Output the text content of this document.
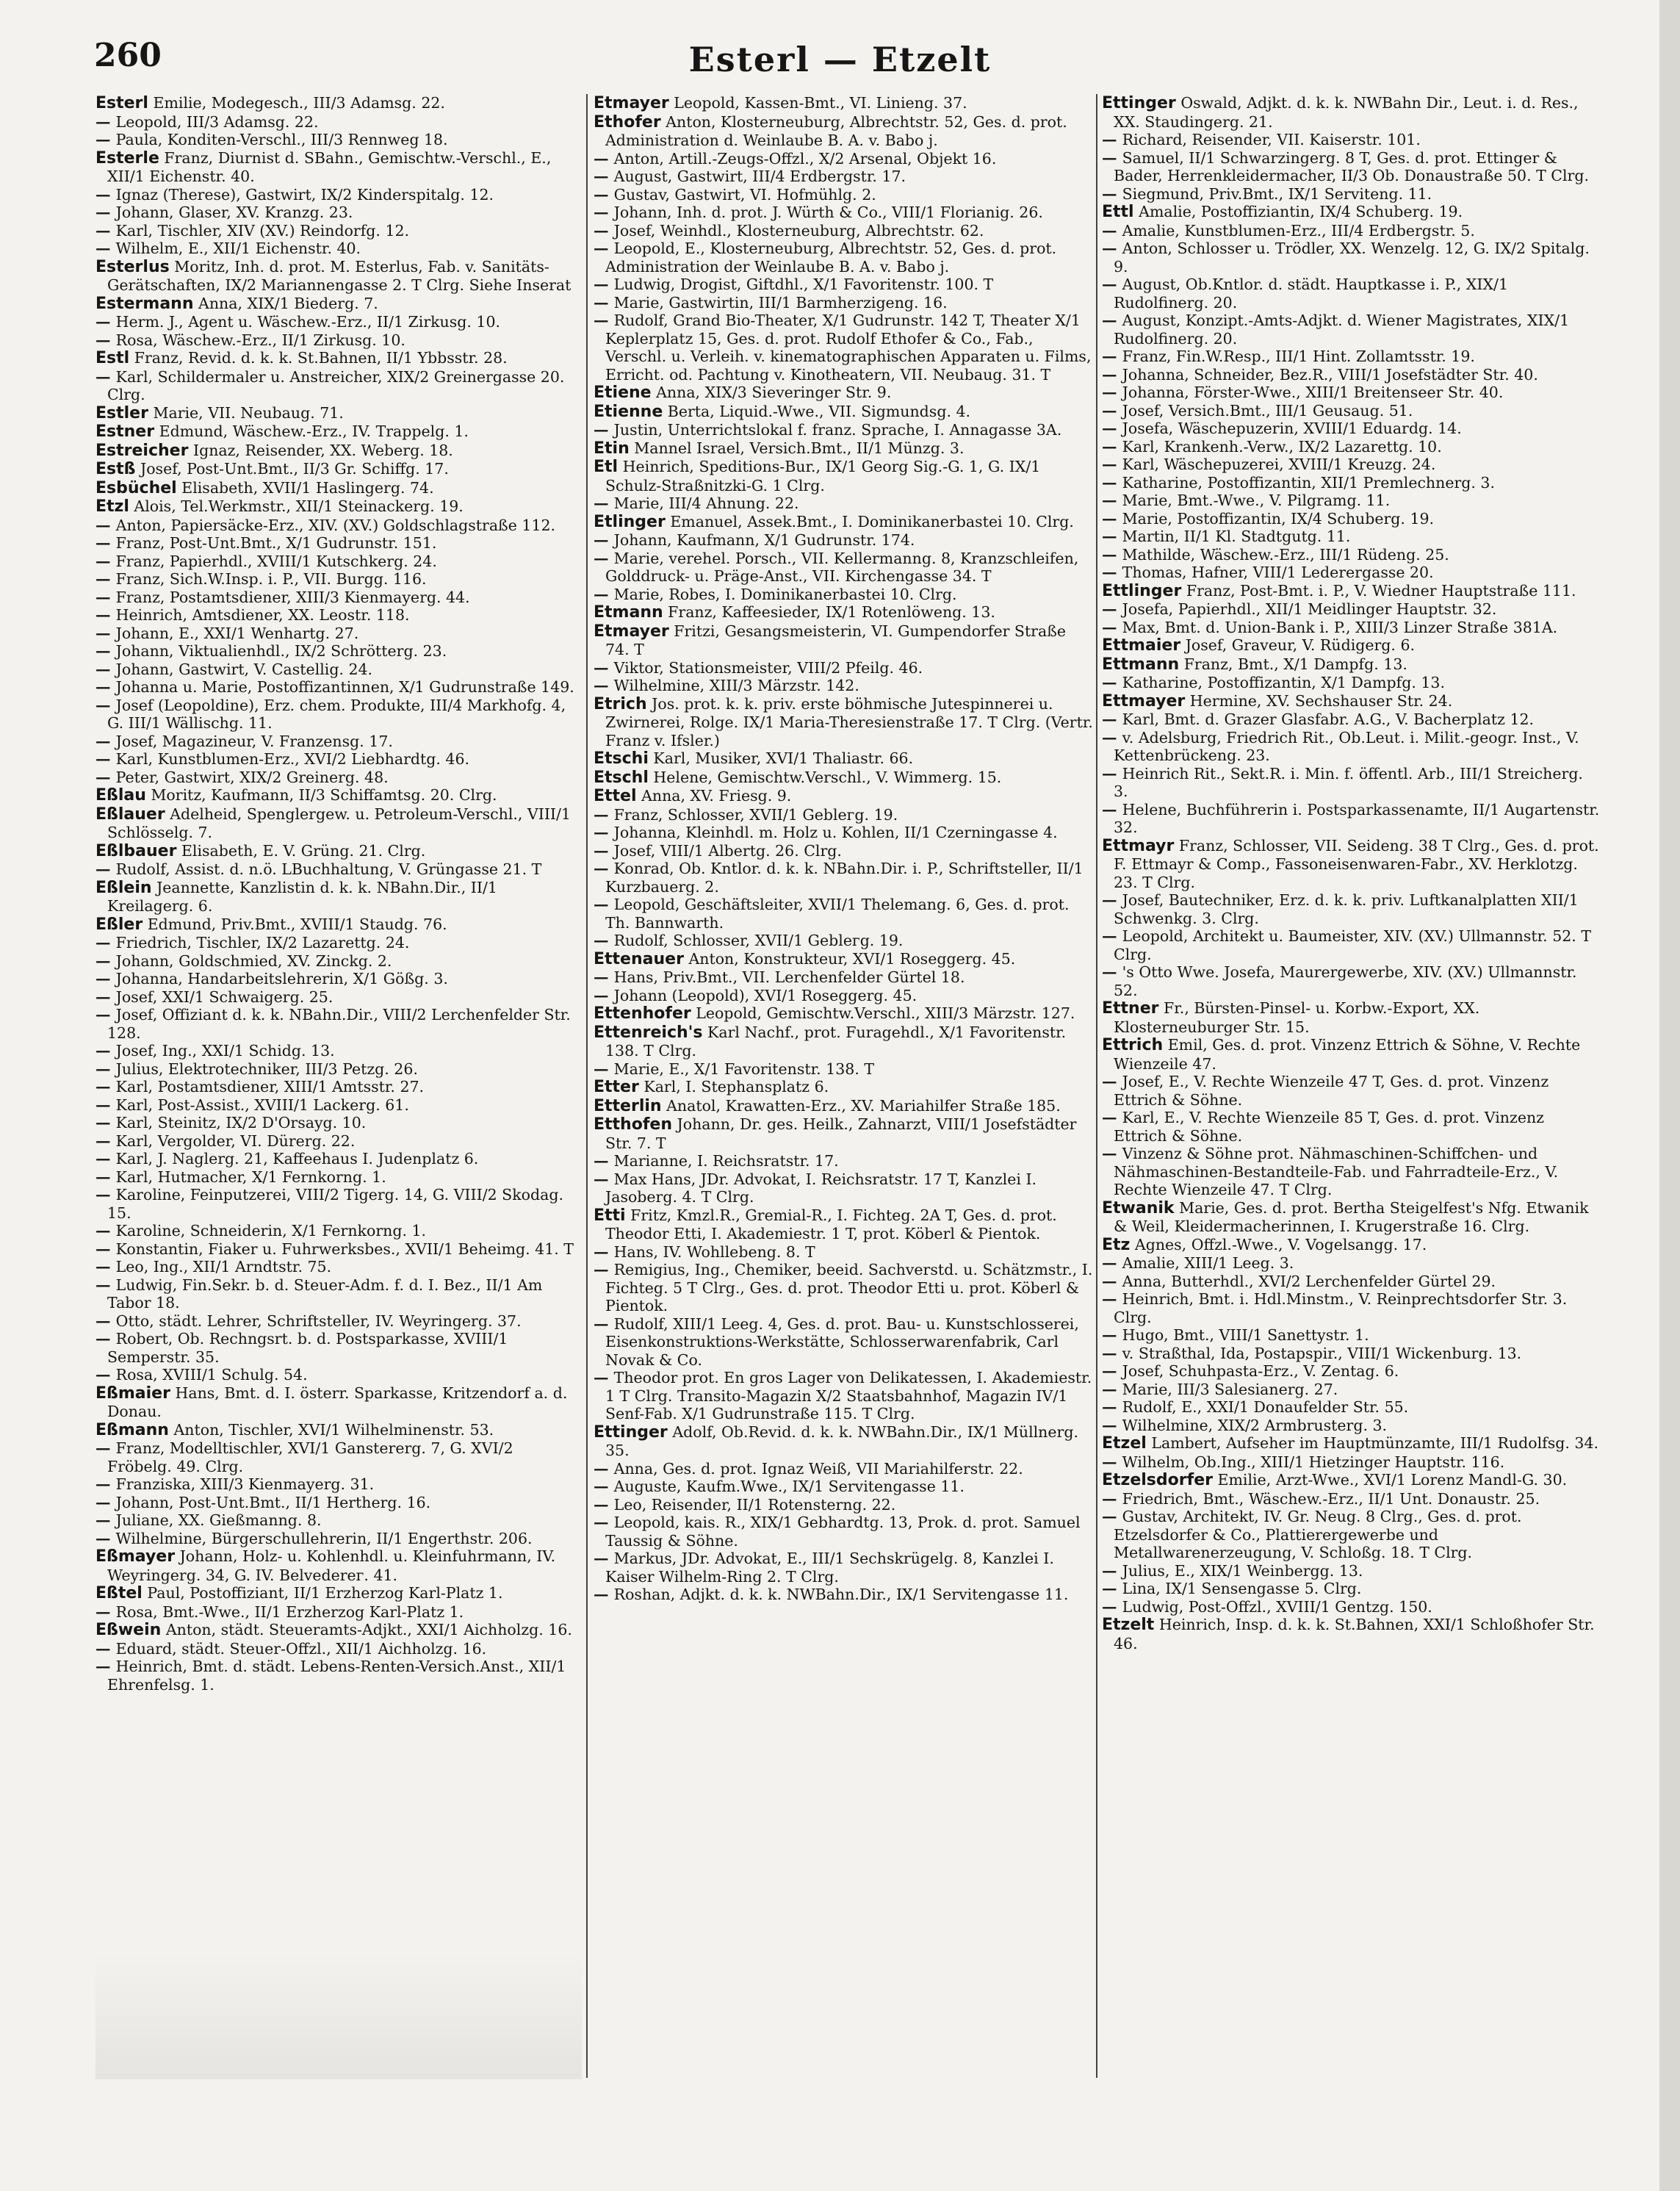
260	Esterl — Etzelt
Esterl Emilie, Modegesch., III/3 Adamsg. 22.
— Leopold, III/3 Adamsg. 22.
— Paula, Konditen-Verschl., III/3 Rennweg 18.
Esterle Franz, Diurnist d. SBahn., Gemischtw.-Verschl., E., XII/1 Eichenstr. 40.
— Ignaz (Therese), Gastwirt, IX/2 Kinderspitalg. 12.
— Johann, Glaser, XV. Kranzg. 23.
— Karl, Tischler, XIV (XV.) Reindorfg. 12.
— Wilhelm, E., XII/1 Eichenstr. 40.
Esterlus Moritz, Inh. d. prot. M. Esterlus, Fab. v. Sanitäts-Gerätschaften, IX/2 Mariannengasse 2. T Clrg. Siehe Inserat
Estermann Anna, XIX/1 Biederg. 7.
— Herm. J., Agent u. Wäschew.-Erz., II/1 Zirkusg. 10.
— Rosa, Wäschew.-Erz., II/1 Zirkusg. 10.
Estl Franz, Revid. d. k. k. St.Bahnen, II/1 Ybbsstr. 28.
— Karl, Schildermaler u. Anstreicher, XIX/2 Greinergasse 20. Clrg.
Estler Marie, VII. Neubaug. 71.
Estner Edmund, Wäschew.-Erz., IV. Trappelg. 1.
Estreicher Ignaz, Reisender, XX. Weberg. 18.
Estß Josef, Post-Unt.Bmt., II/3 Gr. Schiffg. 17.
Esbüchel Elisabeth, XVII/1 Haslingerg. 74.
Etzl Alois, Tel.Werkmstr., XII/1 Steinackerg. 19.
— Anton, Papiersäcke-Erz., XIV. (XV.) Goldschlagstraße 112.
— Franz, Post-Unt.Bmt., X/1 Gudrunstr. 151.
— Franz, Papierhdl., XVIII/1 Kutschkerg. 24.
— Franz, Sich.W.Insp. i. P., VII. Burgg. 116.
— Franz, Postamtsdiener, XIII/3 Kienmayerg. 44.
— Heinrich, Amtsdiener, XX. Leostr. 118.
— Johann, E., XXI/1 Wenhartg. 27.
— Johann, Viktualienhdl., IX/2 Schrötterg. 23.
— Johann, Gastwirt, V. Castellig. 24.
— Johanna u. Marie, Postoffizantinnen, X/1 Gudrunstraße 149.
— Josef (Leopoldine), Erz. chem. Produkte, III/4 Markhofg. 4, G. III/1 Wällischg. 11.
— Josef, Magazineur, V. Franzensg. 17.
— Karl, Kunstblumen-Erz., XVI/2 Liebhardtg. 46.
— Peter, Gastwirt, XIX/2 Greinerg. 48.
Eßlau Moritz, Kaufmann, II/3 Schiffamtsg. 20. Clrg.
Eßlauer Adelheid, Spenglergew. u. Petroleum-Verschl., VIII/1 Schlösselg. 7.
Eßlbauer Elisabeth, E. V. Grüng. 21. Clrg.
— Rudolf, Assist. d. n.ö. LBuchhaltung, V. Grüngasse 21. T
Eßlein Jeannette, Kanzlistin d. k. k. NBahn.Dir., II/1 Kreilagerg. 6.
Eßler Edmund, Priv.Bmt., XVIII/1 Staudg. 76.
— Friedrich, Tischler, IX/2 Lazarettg. 24.
— Johann, Goldschmied, XV. Zinckg. 2.
— Johanna, Handarbeitslehrerin, X/1 Gößg. 3.
— Josef, XXI/1 Schwaigerg. 25.
— Josef, Offiziant d. k. k. NBahn.Dir., VIII/2 Lerchenfelder Str. 128.
— Josef, Ing., XXI/1 Schidg. 13.
— Julius, Elektrotechniker, III/3 Petzg. 26.
— Karl, Postamtsdiener, XIII/1 Amtsstr. 27.
— Karl, Post-Assist., XVIII/1 Lackerg. 61.
— Karl, Steinitz, IX/2 D'Orsayg. 10.
— Karl, Vergolder, VI. Dürerg. 22.
— Karl, J. Naglerg. 21, Kaffeehaus I. Judenplatz 6.
— Karl, Hutmacher, X/1 Fernkorng. 1.
— Karoline, Feinputzerei, VIII/2 Tigerg. 14, G. VIII/2 Skodag. 15.
— Karoline, Schneiderin, X/1 Fernkorng. 1.
— Konstantin, Fiaker u. Fuhrwerksbes., XVII/1 Beheimg. 41. T
— Leo, Ing., XII/1 Arndtstr. 75.
— Ludwig, Fin.Sekr. b. d. Steuer-Adm. f. d. I. Bez., II/1 Am Tabor 18.
— Otto, städt. Lehrer, Schriftsteller, IV. Weyringerg. 37.
— Robert, Ob. Rechngsrt. b. d. Postsparkasse, XVIII/1 Semperstr. 35.
— Rosa, XVIII/1 Schulg. 54.
Eßmaier Hans, Bmt. d. I. österr. Sparkasse, Kritzendorf a. d. Donau.
Eßmann Anton, Tischler, XVI/1 Wilhelminenstr. 53.
— Franz, Modelltischler, XVI/1 Ganstererg. 7, G. XVI/2 Fröbelg. 49. Clrg.
— Franziska, XIII/3 Kienmayerg. 31.
— Johann, Post-Unt.Bmt., II/1 Hertherg. 16.
— Juliane, XX. Gießmanng. 8.
— Wilhelmine, Bürgerschullehrerin, II/1 Engerthstr. 206.
Eßmayer Johann, Holz- u. Kohlenhdl. u. Kleinfuhrmann, IV. Weyringerg. 34, G. IV. Belvederег. 41.
Eßtel Paul, Postoffiziant, II/1 Erzherzog Karl-Platz 1.
— Rosa, Bmt.-Wwe., II/1 Erzherzog Karl-Platz 1.
Eßwein Anton, städt. Steueramts-Adjkt., XXI/1 Aichholzg. 16.
— Eduard, städt. Steuer-Offzl., XII/1 Aichholzg. 16.
— Heinrich, Bmt. d. städt. Lebens-Renten-Versich.Anst., XII/1 Ehrenfelsg. 1.
Etmayer Leopold, Kassen-Bmt., VI. Linieng. 37.
Ethofer Anton, Klosterneuburg, Albrechtstr. 52, Ges. d. prot. Administration d. Weinlaube B. A. v. Babo j.
— Anton, Artill.-Zeugs-Offzl., X/2 Arsenal, Objekt 16.
— August, Gastwirt, III/4 Erdbergstr. 17.
— Gustav, Gastwirt, VI. Hofmühlg. 2.
— Johann, Inh. d. prot. J. Würth & Co., VIII/1 Florianig. 26.
— Josef, Weinhdl., Klosterneuburg, Albrechtstr. 62.
— Leopold, E., Klosterneuburg, Albrechtstr. 52, Ges. d. prot. Administration der Weinlaube B. A. v. Babo j.
— Ludwig, Drogist, Giftdhl., X/1 Favoritenstr. 100. T
— Marie, Gastwirtin, III/1 Barmherzigeng. 16.
— Rudolf, Grand Bio-Theater, X/1 Gudrunstr. 142 T, Theater X/1 Keplerplatz 15, Ges. d. prot. Rudolf Ethofer & Co., Fab., Verschl. u. Verleih. v. kinematographischen Apparaten u. Films, Erricht. od. Pachtung v. Kinotheatern, VII. Neubaug. 31. T
Etiene Anna, XIX/3 Sieveringer Str. 9.
Etienne Berta, Liquid.-Wwe., VII. Sigmundsg. 4.
— Justin, Unterrichtslokal f. franz. Sprache, I. Annagasse 3A.
Etin Mannel Israel, Versich.Bmt., II/1 Münzg. 3.
Etl Heinrich, Speditions-Bur., IX/1 Georg Sig.-G. 1, G. IX/1 Schulz-Straßnitzki-G. 1 Clrg.
— Marie, III/4 Ahnung. 22.
Etlinger Emanuel, Assek.Bmt., I. Dominikanerbastei 10. Clrg.
— Johann, Kaufmann, X/1 Gudrunstr. 174.
— Marie, verehel. Porsch., VII. Kellermanng. 8, Kranzschleifen, Golddruck- u. Präge-Anst., VII. Kirchengasse 34. T
— Marie, Robes, I. Dominikanerbastei 10. Clrg.
Etmann Franz, Kaffeesieder, IX/1 Rotenlöweng. 13.
Etmayer Fritzi, Gesangsmeisterin, VI. Gumpendorfer Straße 74. T
— Viktor, Stationsmeister, VIII/2 Pfeilg. 46.
— Wilhelmine, XIII/3 Märzstr. 142.
Etrich Jos. prot. k. k. priv. erste böhmische Jutespinnerei u. Zwirnerei, Rolge. IX/1 Maria-Theresienstraße 17. T Clrg. (Vertr. Franz v. Ifsler.)
Etschi Karl, Musiker, XVI/1 Thaliastr. 66.
Etschl Helene, Gemischtw.Verschl., V. Wimmerg. 15.
Ettel Anna, XV. Friesg. 9.
— Franz, Schlosser, XVII/1 Gebleгg. 19.
— Johanna, Kleinhdl. m. Holz u. Kohlen, II/1 Czerningasse 4.
— Josef, VIII/1 Albertg. 26. Clrg.
— Konrad, Ob. Kntlor. d. k. k. NBahn.Dir. i. P., Schriftsteller, II/1 Kurzbauerg. 2.
— Leopold, Geschäftsleiter, XVII/1 Thelemang. 6, Ges. d. prot. Th. Bannwarth.
— Rudolf, Schlosser, XVII/1 Gebleгg. 19.
Ettenauer Anton, Konstrukteur, XVI/1 Roseggerg. 45.
— Hans, Priv.Bmt., VII. Lerchenfelder Gürtel 18.
— Johann (Leopold), XVI/1 Roseggerg. 45.
Ettenhofer Leopold, Gemischtw.Verschl., XIII/3 Märzstr. 127.
Ettenreich's Karl Nachf., prot. Furagehdl., X/1 Favoritenstr. 138. T Clrg.
— Marie, E., X/1 Favoritenstr. 138. T
Etter Karl, I. Stephansplatz 6.
Etterlin Anatol, Krawatten-Erz., XV. Mariahilfer Straße 185.
Etthofen Johann, Dr. ges. Heilk., Zahnarzt, VIII/1 Josefstädter Str. 7. T
— Marianne, I. Reichsratstr. 17.
— Max Hans, JDr. Advokat, I. Reichsratstr. 17 T, Kanzlei I. Jasoberg. 4. T Clrg.
Etti Fritz, Kmzl.R., Gremial-R., I. Fichteg. 2A T, Ges. d. prot. Theodor Etti, I. Akademiestr. 1 T, prot. Köberl & Pientok.
— Hans, IV. Wohllebeng. 8. T
— Remigius, Ing., Chemiker, beeid. Sachverstd. u. Schätzmstr., I. Fichteg. 5 T Clrg., Ges. d. prot. Theodor Etti u. prot. Köberl & Pientok.
— Rudolf, XIII/1 Leeg. 4, Ges. d. prot. Bau- u. Kunstschlosserei, Eisenkonstruktions-Werkstätte, Schlosserwarenfabrik, Carl Novak & Co.
— Theodor prot. En gros Lager von Delikatessen, I. Akademiestr. 1 T Clrg. Transito-Magazin X/2 Staatsbahnhof, Magazin IV/1 Senf-Fab. X/1 Gudrunstraße 115. T Clrg.
Ettinger Adolf, Ob.Revid. d. k. k. NWBahn.Dir., IX/1 Müllnerg. 35.
— Anna, Ges. d. prot. Ignaz Weiß, VII Mariahilferstr. 22.
— Auguste, Kaufm.Wwe., IX/1 Servitengasse 11.
— Leo, Reisender, II/1 Rotensterng. 22.
— Leopold, kais. R., XIX/1 Gebhardtg. 13, Prok. d. prot. Samuel Taussig & Söhne.
— Markus, JDr. Advokat, E., III/1 Sechskrügelg. 8, Kanzlei I. Kaiser Wilhelm-Ring 2. T Clrg.
— Roshan, Adjkt. d. k. k. NWBahn.Dir., IX/1 Servitengasse 11.
Ettinger Oswald, Adjkt. d. k. k. NWBahn Dir., Leut. i. d. Res., XX. Staudingerg. 21.
— Richard, Reisender, VII. Kaiserstr. 101.
— Samuel, II/1 Schwarzingerg. 8 T, Ges. d. prot. Ettinger & Bader, Herrenkleidermacher, II/3 Ob. Donaustraße 50. T Clrg.
— Siegmund, Priv.Bmt., IX/1 Serviteng. 11.
Ettl Amalie, Postoffiziantin, IX/4 Schuberg. 19.
— Amalie, Kunstblumen-Erz., III/4 Erdbergstr. 5.
— Anton, Schlosser u. Trödler, XX. Wenzelg. 12, G. IX/2 Spitalg. 9.
— August, Ob.Kntlor. d. städt. Hauptkasse i. P., XIX/1 Rudolfinerg. 20.
— August, Konzipt.-Amts-Adjkt. d. Wiener Magistrates, XIX/1 Rudolfinerg. 20.
— Franz, Fin.W.Resp., III/1 Hint. Zollamtsstr. 19.
— Johanna, Schneider, Bez.R., VIII/1 Josefstädter Str. 40.
— Johanna, Förster-Wwe., XIII/1 Breitenseer Str. 40.
— Josef, Versich.Bmt., III/1 Geusaug. 51.
— Josefa, Wäschepuzerin, XVIII/1 Eduardg. 14.
— Karl, Krankenh.-Verw., IX/2 Lazarettg. 10.
— Karl, Wäschepuzerei, XVIII/1 Kreuzg. 24.
— Katharine, Postoffizantin, XII/1 Premlechnerg. 3.
— Marie, Bmt.-Wwe., V. Pilgramg. 11.
— Marie, Postoffizantin, IX/4 Schuberg. 19.
— Martin, II/1 Kl. Stadtgutg. 11.
— Mathilde, Wäschew.-Erz., III/1 Rüdeng. 25.
— Thomas, Hafner, VIII/1 Lederergasse 20.
Ettlinger Franz, Post-Bmt. i. P., V. Wiedner Hauptstraße 111.
— Josefa, Papierhdl., XII/1 Meidlinger Hauptstr. 32.
— Max, Bmt. d. Union-Bank i. P., XIII/3 Linzer Straße 381A.
Ettmaier Josef, Graveur, V. Rüdigerg. 6.
Ettmann Franz, Bmt., X/1 Dampfg. 13.
— Katharine, Postoffizantin, X/1 Dampfg. 13.
Ettmayer Hermine, XV. Sechshauser Str. 24.
— Karl, Bmt. d. Grazer Glasfabr. A.G., V. Bacherplatz 12.
— v. Adelsburg, Friedrich Rit., Ob.Leut. i. Milit.-geogr. Inst., V. Kettenbrückeng. 23.
— Heinrich Rit., Sekt.R. i. Min. f. öffentl. Arb., III/1 Streicherg. 3.
— Helene, Buchführerin i. Postsparkassenamte, II/1 Augartenstr. 32.
Ettmayr Franz, Schlosser, VII. Seideng. 38 T Clrg., Ges. d. prot. F. Ettmayr & Comp., Fassoneisenwaren-Fabr., XV. Herklotzg. 23. T Clrg.
— Josef, Bautechniker, Erz. d. k. k. priv. Luftkanalplatten XII/1 Schwenkg. 3. Clrg.
— Leopold, Architekt u. Baumeister, XIV. (XV.) Ullmannstr. 52. T Clrg.
— 's Otto Wwe. Josefa, Maurergewerbe, XIV. (XV.) Ullmannstr. 52.
Ettner Fr., Bürsten-Pinsel- u. Korbw.-Export, XX. Klosterneuburger Str. 15.
Ettrich Emil, Ges. d. prot. Vinzenz Ettrich & Söhne, V. Rechte Wienzeile 47.
— Josef, E., V. Rechte Wienzeile 47 T, Ges. d. prot. Vinzenz Ettrich & Söhne.
— Karl, E., V. Rechte Wienzeile 85 T, Ges. d. prot. Vinzenz Ettrich & Söhne.
— Vinzenz & Söhne prot. Nähmaschinen-Schiffchen- und Nähmaschinen-Bestandteile-Fab. und Fahrradteile-Erz., V. Rechte Wienzeile 47. T Clrg.
Etwanik Marie, Ges. d. prot. Bertha Steigelfest's Nfg. Etwanik & Weil, Kleidermacherinnen, I. Krugerstraße 16. Clrg.
Etz Agnes, Offzl.-Wwe., V. Vogelsangg. 17.
— Amalie, XIII/1 Leeg. 3.
— Anna, Butterhdl., XVI/2 Lerchenfelder Gürtel 29.
— Heinrich, Bmt. i. Hdl.Minstm., V. Reinprechtsdorfer Str. 3. Clrg.
— Hugo, Bmt., VIII/1 Sanettystr. 1.
— v. Straßthal, Ida, Postapspir., VIII/1 Wickenburg. 13.
— Josef, Schuhpasta-Erz., V. Zentag. 6.
— Marie, III/3 Salesianerg. 27.
— Rudolf, E., XXI/1 Donaufelder Str. 55.
— Wilhelmine, XIX/2 Armbrusterg. 3.
Etzel Lambert, Aufseher im Hauptmünzamte, III/1 Rudolfsg. 34.
— Wilhelm, Ob.Ing., XIII/1 Hietzinger Hauptstr. 116.
Etzelsdorfer Emilie, Arzt-Wwe., XVI/1 Lorenz Mandl-G. 30.
— Friedrich, Bmt., Wäschew.-Erz., II/1 Unt. Donaustr. 25.
— Gustav, Architekt, IV. Gr. Neug. 8 Clrg., Ges. d. prot. Etzelsdorfer & Co., Plattierergewerbe und Metallwarenerzeugung, V. Schloßg. 18. T Clrg.
— Julius, E., XIX/1 Weinbergg. 13.
— Lina, IX/1 Sensengasse 5. Clrg.
— Ludwig, Post-Offzl., XVIII/1 Gentzg. 150.
Etzelt Heinrich, Insp. d. k. k. St.Bahnen, XXI/1 Schloßhofer Str. 46.
